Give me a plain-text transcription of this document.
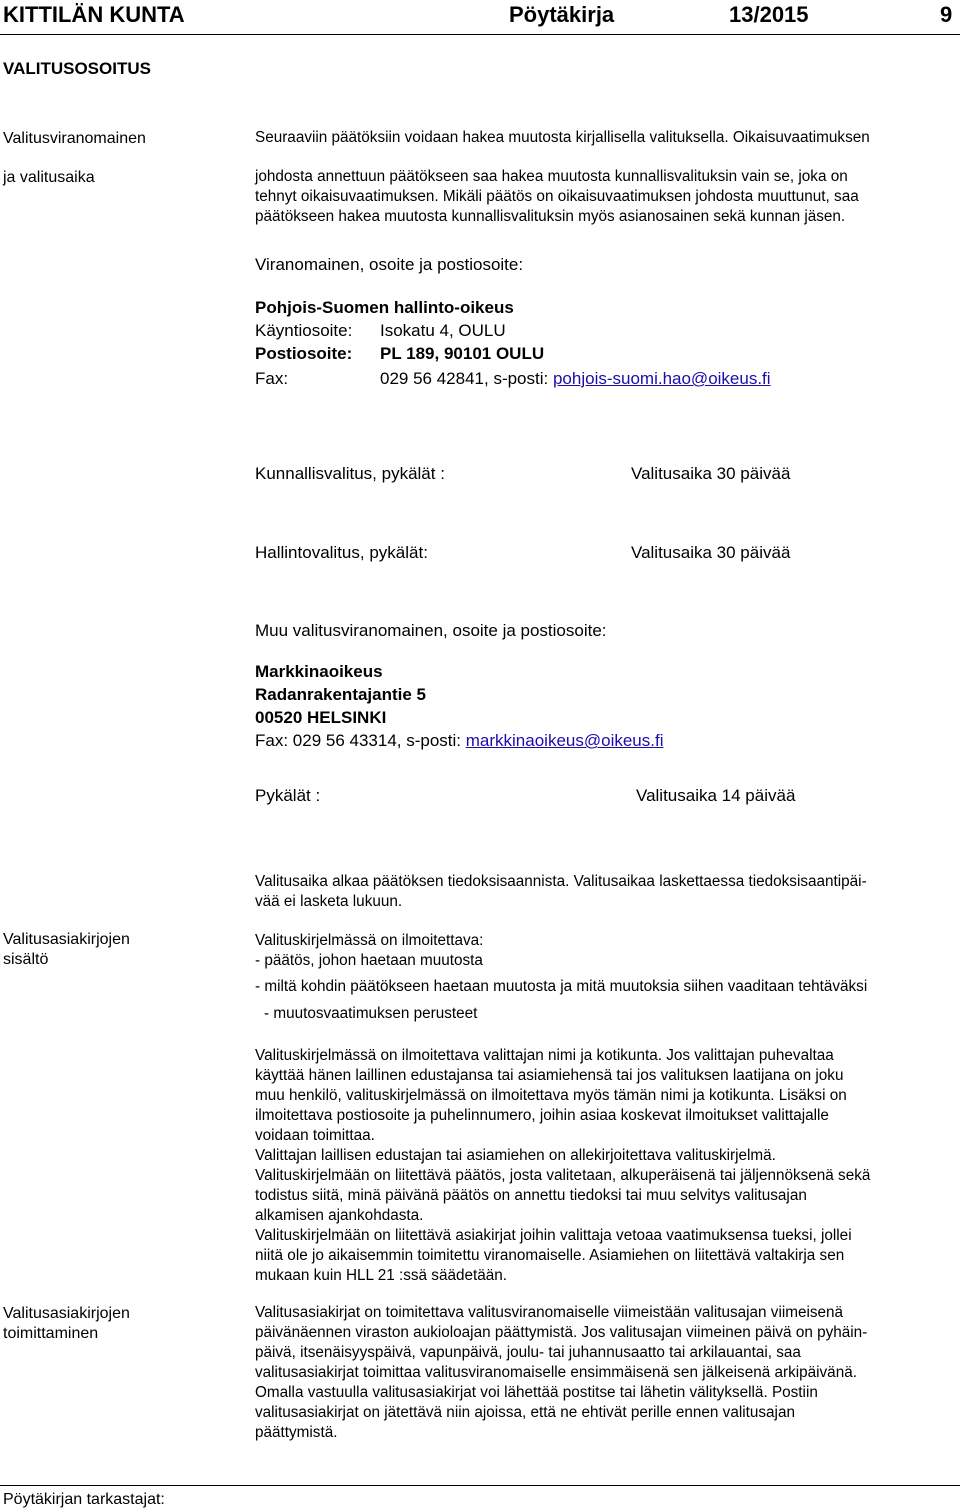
KITTILÄN KUNTA	Pöytäkirja	13/2015	9
VALITUSOSOITUS
Valitusviranomainen
ja valitusaika
Seuraaviin päätöksiin voidaan hakea muutosta kirjallisella valituksella. Oikaisuvaatimuksen

johdosta annettuun päätökseen saa hakea muutosta kunnallisvalituksin vain se, joka on

tehnyt oikaisuvaatimuksen. Mikäli päätös on oikaisuvaatimuksen johdosta muuttunut, saa

päätökseen hakea muutosta kunnallisvalituksin myös asianosainen sekä kunnan jäsen.

Viranomainen, osoite ja postiosoite:
Pohjois-Suomen hallinto-oikeus
Käyntiosoite: Isokatu 4, OULU
Postiosoite: PL 189, 90101 OULU
Fax:	029 56 42841, s-posti: pohjois-suomi.hao@oikeus.fi
Kunnallisvalitus, pykälät :	Valitusaika 30 päivää
Hallintovalitus, pykälät:	Valitusaika 30 päivää
Muu valitusviranomainen, osoite ja postiosoite:
Markkinaoikeus
Radanrakentajantie 5
00520 HELSINKI
Fax: 029 56 43314, s-posti: markkinaoikeus@oikeus.fi
Pykälät :	Valitusaika 14 päivää

Valitusaika alkaa päätöksen tiedoksisaannista. Valitusaikaa laskettaessa tiedoksisaantipäi-

vää ei lasketa lukuun.

Valitusasiakirjojen
sisältö
Valituskirjelmässä on ilmoitettava:
- päätös, johon haetaan muutosta
- miltä kohdin päätökseen haetaan muutosta ja mitä muutoksia siihen vaaditaan tehtäväksi
- muutosvaatimuksen perusteet

Valituskirjelmässä on ilmoitettava valittajan nimi ja kotikunta. Jos valittajan puhevaltaa

käyttää hänen laillinen edustajansa tai asiamiehensä tai jos valituksen laatijana on joku

muu henkilö, valituskirjelmässä on ilmoitettava myös tämän nimi ja kotikunta. Lisäksi on

ilmoitettava postiosoite ja puhelinnumero, joihin asiaa koskevat ilmoitukset valittajalle

voidaan toimittaa.

Valittajan laillisen edustajan tai asiamiehen on allekirjoitettava valituskirjelmä.

Valituskirjelmään on liitettävä päätös, josta valitetaan, alkuperäisenä tai jäljennöksenä sekä

todistus siitä, minä päivänä päätös on annettu tiedoksi tai muu selvitys valitusajan

alkamisen ajankohdasta.

Valituskirjelmään on liitettävä asiakirjat joihin valittaja vetoaa vaatimuksensa tueksi, jollei

niitä ole jo aikaisemmin toimitettu viranomaiselle. Asiamiehen on liitettävä valtakirja sen

mukaan kuin HLL 21 :ssä säädetään.

Valitusasiakirjojen
toimittaminen

Valitusasiakirjat on toimitettava valitusviranomaiselle viimeistään valitusajan viimeisenä

päivänäennen viraston aukioloajan päättymistä. Jos valitusajan viimeinen päivä on pyhäin-

päivä, itsenäisyyspäivä, vapunpäivä, joulu- tai juhannusaatto tai arkilauantai, saa

valitusasiakirjat toimittaa valitusviranomaiselle ensimmäisenä sen jälkeisenä arkipäivänä.

Omalla vastuulla valitusasiakirjat voi lähettää postitse tai lähetin välityksellä. Postiin

valitusasiakirjat on jätettävä niin ajoissa, että ne ehtivät perille ennen valitusajan

päättymistä.

Pöytäkirjan tarkastajat:
